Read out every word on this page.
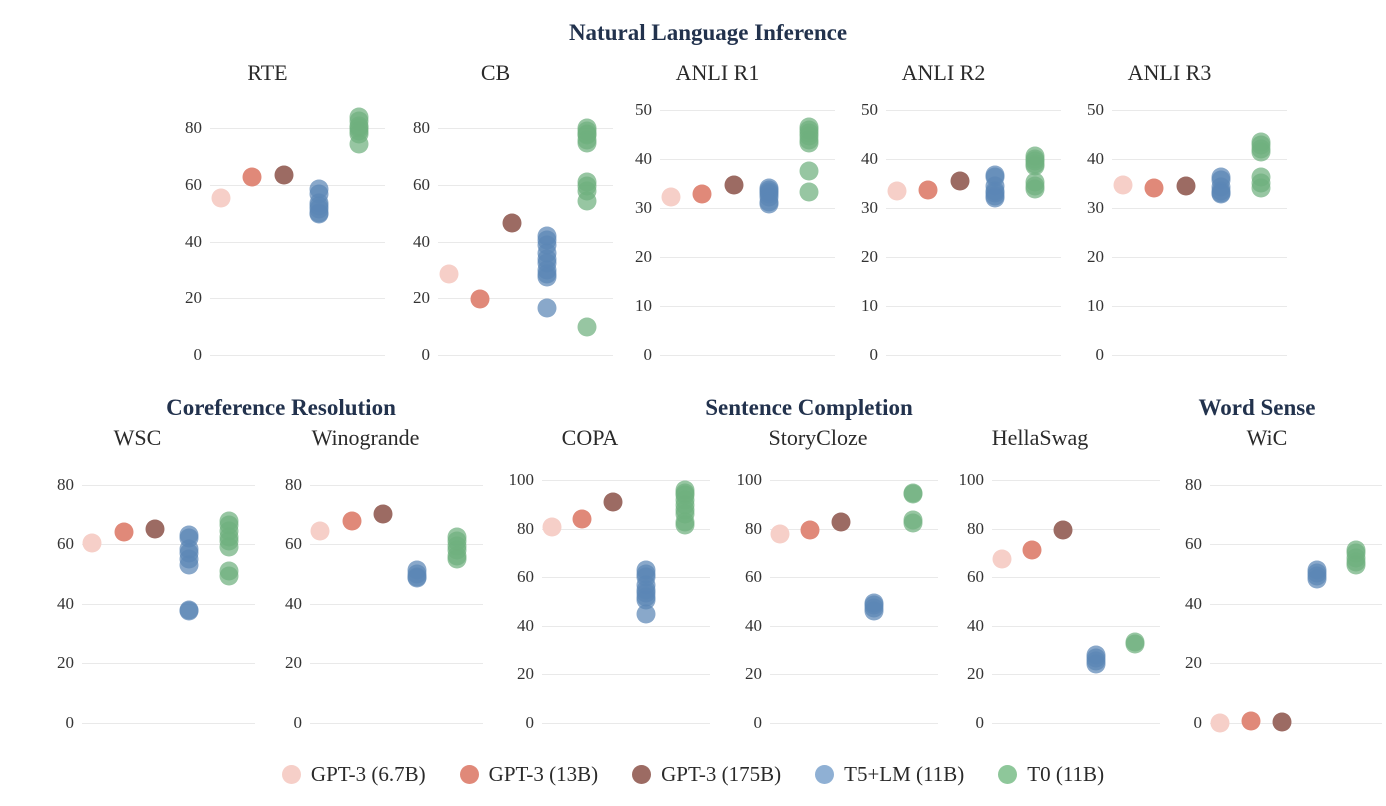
Natural Language Inference
Coreference Resolution	Sentence Completion	Word Sense
RTE
0
20
40
60
80
CB
0
20
40
60
80
ANLI R1
0
10
20
30
40
50
ANLI R2
0
10
20
30
40
50
ANLI R3
0
10
20
30
40
50
WSC
0
20
40
60
80
Winogrande
0
20
40
60
80
COPA
0
20
40
60
80
100
StoryCloze
0
20
40
60
80
100
HellaSwag
0
20
40
60
80
100
WiC
0
20
40
60
80
GPT-3 (6.7B)	GPT-3 (13B)	GPT-3 (175B)	T5+LM (11B)	T0 (11B)
